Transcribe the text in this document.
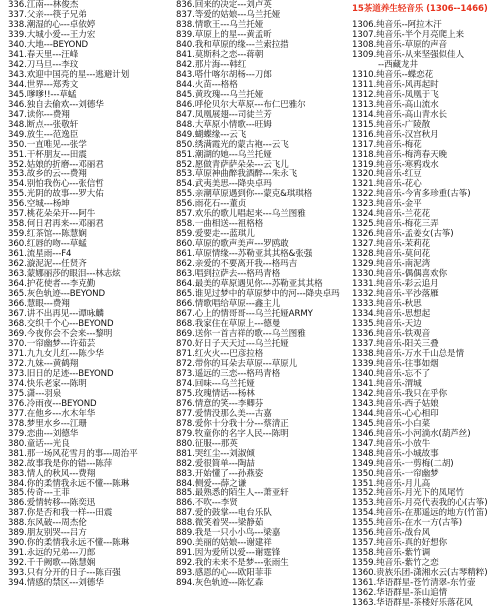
336.江南---林俊杰
337.父亲---筷子兄弟
338.潮湿的心---卓依婷
339.大城小爱---王力宏
340.大地---BEYOND
341.春天里---汪峰
342.刀马旦---李玟
343.欢迎中国亮的星---逃避计划
344.世界---郑秀文
345.嗲嗲!!---草蜢
346.独自去偷欢---刘德华
347.读你---费翔
348.断点---张敬轩
349.放生---范逸臣
350.一直唯见---张学
351.干杯朋友---田震
352.姑娘的折磨---邓丽君
353.故乡的云---费翔
354.别怕我伤心---张信哲
355.光阴的故事---罗大佑
356.空城---杨坤
357.桃花朵朵开---阿牛
358.何日君再来---邓丽君
359.红茶馆---陈慧娴
360.红唇的吻---草蜢
361.流星雨---F4
362.漩泥泥---任贤齐
363.蒙娜丽莎的眼泪---林志炫
364.护花使者---李克勤
365.灰色轨迹---BEYOND
366.慧眼---费翔
367.讲不出再见---谭咏麟
368.交织千个心---BEYOND
369.今夜你会不会来---黎明
370.一帘幽梦---许茹芸
371.九九女儿红---陈少华
372.九妹---黄鹤翔
373.旧日的足迹---BEYOND
374.快乐老家---陈明
375.潇---羽泉
376.冷雨夜---BEYOND
377.在他乡---水木年华
378.梦里水乡---江珊
379.恋曲---刘德华
380.童话---光良
381.那一场风花雪月的事---周治平
382.故事我是你的错---陈萍
383.情人的秋风---费翔
384.你的柔情我永远不懂---陈琳
385.传奇---王菲
386.爱情转移---陈奕迅
387.你是否和我一样---田震
388.东风破---周杰伦
389.朋友别哭---吕方
390.你的柔情我永远不懂---陈琳
391.永远的兄弟---刀郎
392.千千阙歌---陈慧娴
393.只有分开的日子---陈百强
394.情感的禁区---刘德华
836.回来的决定---刘卢英
837.等爱的姑娘---乌兰托娅
838.情歌王---乌兰托娅
839.草原上的星---黄孟昕
840.我和草原的缘---兰索拉措
841.莫斯科之恋---蒋朝
842.那片海---韩红
843.嗒什喀尔胡杨---刀郎
844.火苗---格格
845.黄玫瑰---乌兰托娅
846.呼伦贝尔大草原---布仁巴雅尔
847.凤凰展翅---司徒兰芳
848.大草原小情歌---旺姆
849.蝴蝶缘---云飞
850.绣满霞光的蒙古袍---云飞
851.潮湖的她---乌兰托娅
852.愿做青萨萨朵朵---云飞儿
853.草原神曲醉我酒醉---朱永飞
854.武夷美思---降央卓玛
855.亲潮草原遇到你---蒙克&琪琪格
856.雨花石---董贞
857.欢乐的歌儿唱起来---乌兰图雅
858.一曲相送---祖格格
859.爱要走---蓝琪儿
860.草原的歌声美声---罗鸥敢
861.草原情缘---苏勒亚其其格&张强
862.亲爱的不要离开我---格玛吉
863.唱到拉萨去---格玛青格
864.最美的草原遇见你---苏勒亚其其格
865.谁见过梦中的草原梦中的河---降央卓玛
866.情歌唱给草原---鑫主儿
867.心上的情哥哥---乌兰托娅ARMY
868.我家住在草原上---德曼
869.送你一首吉祥的歌---乌兰图雅
870.好日子天天过---乌兰托娅
871.红火火---巴彦拉格
872.带你的耳朵去草原---草原儿
873.遥远的三恋---格玛青格
874.回味---乌兰托娅
875.玫瑰情话---杨林
876.情意的笑---李卿芬
877.爱情没那么美---古嘉
878.爱你十分我十分---蔡清正
879.牧童你的名字人民---陈明
880.征服---那英
881.哭红尘---刘淑倾
882.爱很简单---陶喆
883.开始懂了---孙燕姿
884.侧爱---薛之谦
885.最熟悉的陌生人---萧亚轩
886.不吹---李贤
887.爱的鼓掌---电台乐队
888.微笑着哭---梁静茹
889.我是一只小小鸟---梁嘉
890.美丽的姑娘---谢建祥
891.因为爱所以爱---谢霆锋
892.我的未来不是梦---张雨生
893.感恩的心---欧阳菲菲
894.灰色轨迹---陈忆森
15茶道养生轻音乐 (1306--1466)
1306.纯音乐--阿拉木汗
1307.纯音乐-半个月亮爬上来
1308.纯音乐-草原的声音
1309.纯音乐-从来坚强似佳人
--西藏龙井
1310.纯音乐--蝶恋花
1311.纯音乐-风再起时
1312.纯音乐-凤凰于飞
1313.纯音乐-高山流水
1314.纯音乐-高山青水长
1315.纯音乐-广陵散
1316.纯音乐-汉宫秋月
1317.纯音乐-梅花
1318.纯音乐-梅湾春天晚
1319.纯音乐-寒鸦戏水
1320.纯音乐-红豆
1321.纯音乐-花心
1322.纯音乐-今宵多珍重(古筝)
1323.纯音乐-金平
1324.纯音乐-兰花花
1325.纯音乐-梅花三弄
1326.纯音乐-孟姜女(古筝)
1327.纯音乐-茉莉花
1328.纯音乐-莫问花
1329.纯音乐-南泥湾
1330.纯音乐-偶偶喜欢你
1331.纯音乐-彩云追月
1332.纯音乐-平沙落雁
1333.纯音乐-秋思
1334.纯音乐-思想起
1335.纯音乐-天边
1336.纯音乐-铁观音
1337.纯音乐-阳关三叠
1338.纯音乐-万水千山总是情
1339.纯音乐-往事如烟
1340.纯音乐-忘不了
1341.纯音乐-渭城
1342.纯音乐-我只在乎你
1343.纯音乐-西子姑娘
1344.纯音乐-心心相印
1345.纯音乐-小白菜
1346.纯音乐-小河淌水(葫芦丝)
1347.纯音乐-小放牛
1348.纯音乐-小城故事
1349.纯音乐-一剪梅(二胡)
1350.纯音乐-一帘幽梦
1351.纯音乐-月儿高
1352.纯音乐-月光下的凤尾竹
1353.纯音乐-月亮代表我的心(古筝)
1354.纯音乐-在那遥远的地方(竹笛)
1355.纯音乐-在水一方(古筝)
1356.纯音乐-战台风
1357.纯音乐-真的好想你
1358.纯音乐-紫竹调
1359.纯音乐-紫竹之恋
1360.贵族乐团-潇湘水云(古琴精粹)
1361.华语群星-苍竹清翠-东竹壶
1362.华语群星-茶山追情
1363.华语群星-茶楼好乐落花风
